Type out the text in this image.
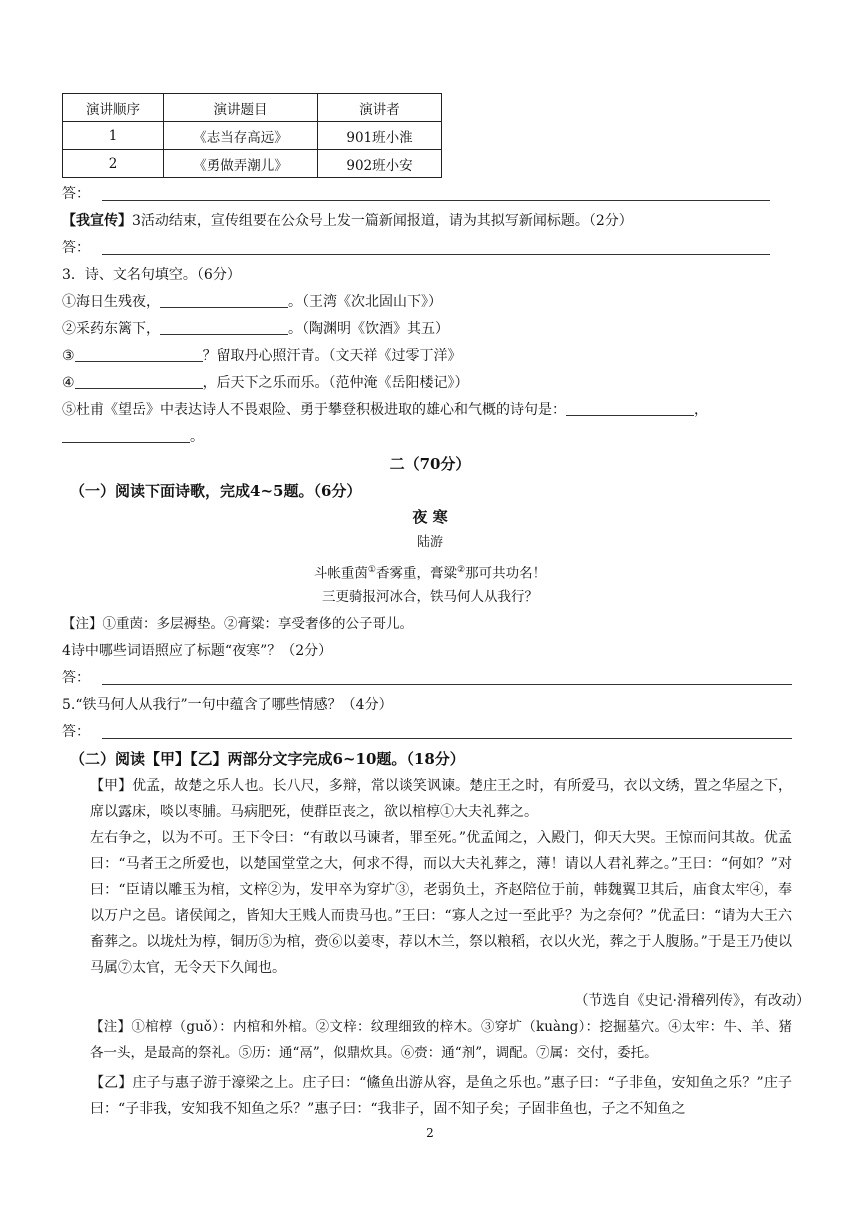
演讲顺序	演讲题目	演讲者
1	《志当存高远》	901班小淮
2	《勇做弄潮儿》	902班小安
答：
【我宣传】3活动结束，宣传组要在公众号上发一篇新闻报道，请为其拟写新闻标题。（2分）
答：
3．诗、文名句填空。（6分）
①海日生残夜，	。（王湾《次北固山下》）
②采药东篱下，	。（陶渊明《饮酒》其五）
③	？留取丹心照汗青。（文天祥《过零丁洋》
④	，后天下之乐而乐。（范仲淹《岳阳楼记》）
⑤杜甫《望岳》中表达诗人不畏艰险、勇于攀登积极进取的雄心和气概的诗句是：	，
。
二（70分）
（一）阅读下面诗歌，完成4~5题。（6分）
夜 寒
陆游
斗帐重茵①香雾重，膏粱②那可共功名！
三更骑报河冰合，铁马何人从我行？
【注】①重茵：多层褥垫。②膏粱：享受奢侈的公子哥儿。
4诗中哪些词语照应了标题“夜寒”？（2分）
答：
5.“铁马何人从我行”一句中蕴含了哪些情感？（4分）
答：
（二）阅读【甲】【乙】两部分文字完成6~10题。（18分）
【甲】优孟，故楚之乐人也。长八尺，多辩，常以谈笑讽谏。楚庄王之时，有所爱马，衣以文绣，置之华屋之下，席以露床，啖以枣脯。马病肥死，使群臣丧之，欲以棺椁①大夫礼葬之。
左右争之，以为不可。王下令曰：“有敢以马谏者，罪至死。”优孟闻之，入殿门，仰天大哭。王惊而问其故。优孟曰：“马者王之所爱也，以楚国堂堂之大，何求不得，而以大夫礼葬之，薄！请以人君礼葬之。”王曰：“何如？”对曰：“臣请以雕玉为棺，文梓②为，发甲卒为穿圹③，老弱负土，齐赵陪位于前，韩魏翼卫其后，庙食太牢④，奉以万户之邑。诸侯闻之，皆知大王贱人而贵马也。”王曰：“寡人之过一至此乎？为之奈何？”优孟曰：“请为大王六畜葬之。以垅灶为椁，铜历⑤为棺，赍⑥以姜枣，荐以木兰，祭以粮稻，衣以火光，葬之于人腹肠。”于是王乃使以马属⑦太官，无令天下久闻也。
（节选自《史记·滑稽列传》，有改动）
【注】①棺椁（guǒ）：内棺和外棺。②文梓：纹理细致的梓木。③穿圹（kuàng）：挖掘墓穴。④太牢：牛、羊、猪各一头，是最高的祭礼。⑤历：通“鬲”，似鼎炊具。⑥赍：通“剂”，调配。⑦属：交付，委托。
【乙】庄子与惠子游于濠梁之上。庄子曰：“鯈鱼出游从容，是鱼之乐也。”惠子曰：“子非鱼，安知鱼之乐？”庄子曰：“子非我，安知我不知鱼之乐？”惠子曰：“我非子，固不知子矣；子固非鱼也，子之不知鱼之
2
